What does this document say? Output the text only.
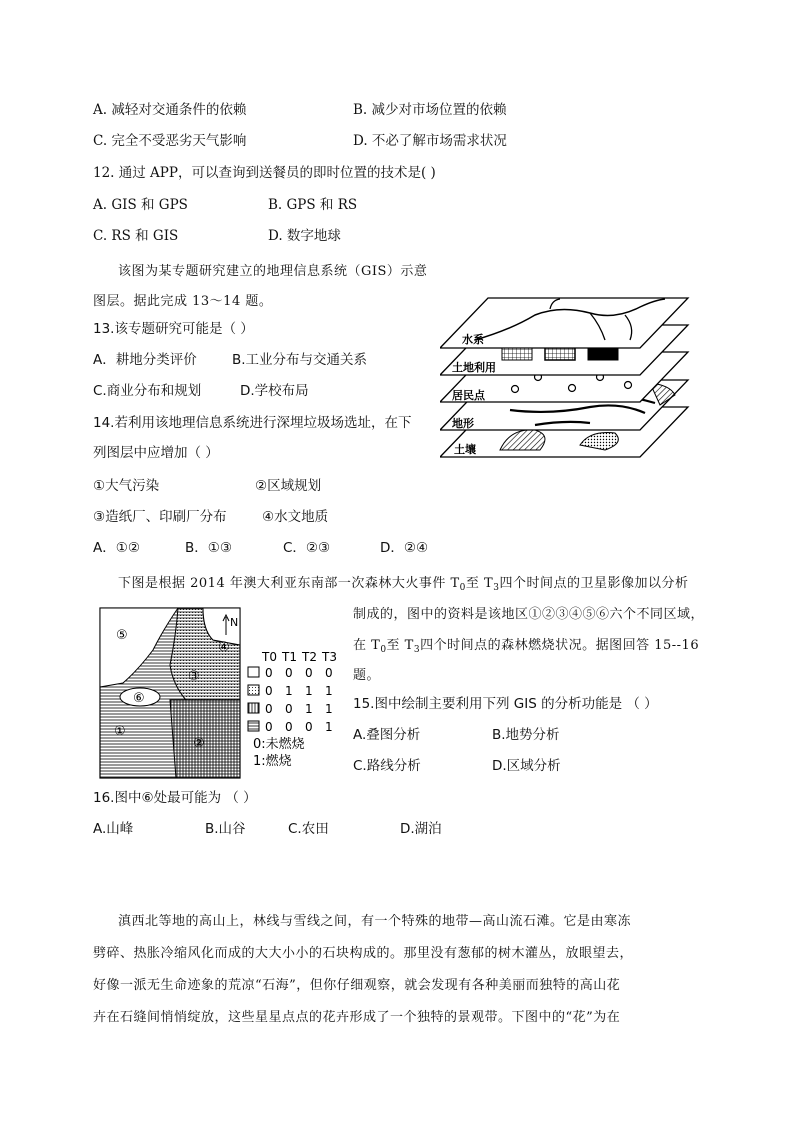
A. 减轻对交通条件的依赖	B. 减少对市场位置的依赖
C. 完全不受恶劣天气影响	D. 不必了解市场需求状况
12. 通过 APP，可以查询到送餐员的即时位置的技术是( )
A. GIS 和 GPS	B. GPS 和 RS
C. RS 和 GIS	D. 数字地球
该图为某专题研究建立的地理信息系统（GIS）示意
图层。据此完成 13～14 题。
13.该专题研究可能是（ ）
A．耕地分类评价	B.工业分布与交通关系
C.商业分布和规划	D.学校布局
14.若利用该地理信息系统进行深埋垃圾场选址，在下
列图层中应增加（ ）
①大气污染	②区域规划
③造纸厂、印刷厂分布	④水文地质
A．①②	B．①③	C．②③	D．②④
土壤
地形
居民点
土地利用
水系
下图是根据 2014 年澳大利亚东南部一次森林大火事件 $T_0$至 $T_3$四个时间点的卫星影像加以分析
制成的，图中的资料是该地区①②③④⑤⑥六个不同区域，
在 $T_0$至 $T_3$四个时间点的森林燃烧状况。据图回答 15--16
题。
⑤
③
④
⑥
①
②
N
T0 T1 T2 T3
0 0 0 0
0 1 1 1
0 0 1 1
0 0 0 1
0:未燃烧
1:燃烧
15.图中绘制主要利用下列 GIS 的分析功能是 （ ）
A.叠图分析	B.地势分析
C.路线分析	D.区域分析
16.图中⑥处最可能为 （ ）
A.山峰	B.山谷	C.农田	D.湖泊
滇西北等地的高山上，林线与雪线之间，有一个特殊的地带—高山流石滩。它是由寒冻
劈碎、热胀冷缩风化而成的大大小小的石块构成的。那里没有葱郁的树木灌丛，放眼望去，
好像一派无生命迹象的荒凉“石海”，但你仔细观察，就会发现有各种美丽而独特的高山花
卉在石缝间悄悄绽放，这些星星点点的花卉形成了一个独特的景观带。下图中的“花”为在
